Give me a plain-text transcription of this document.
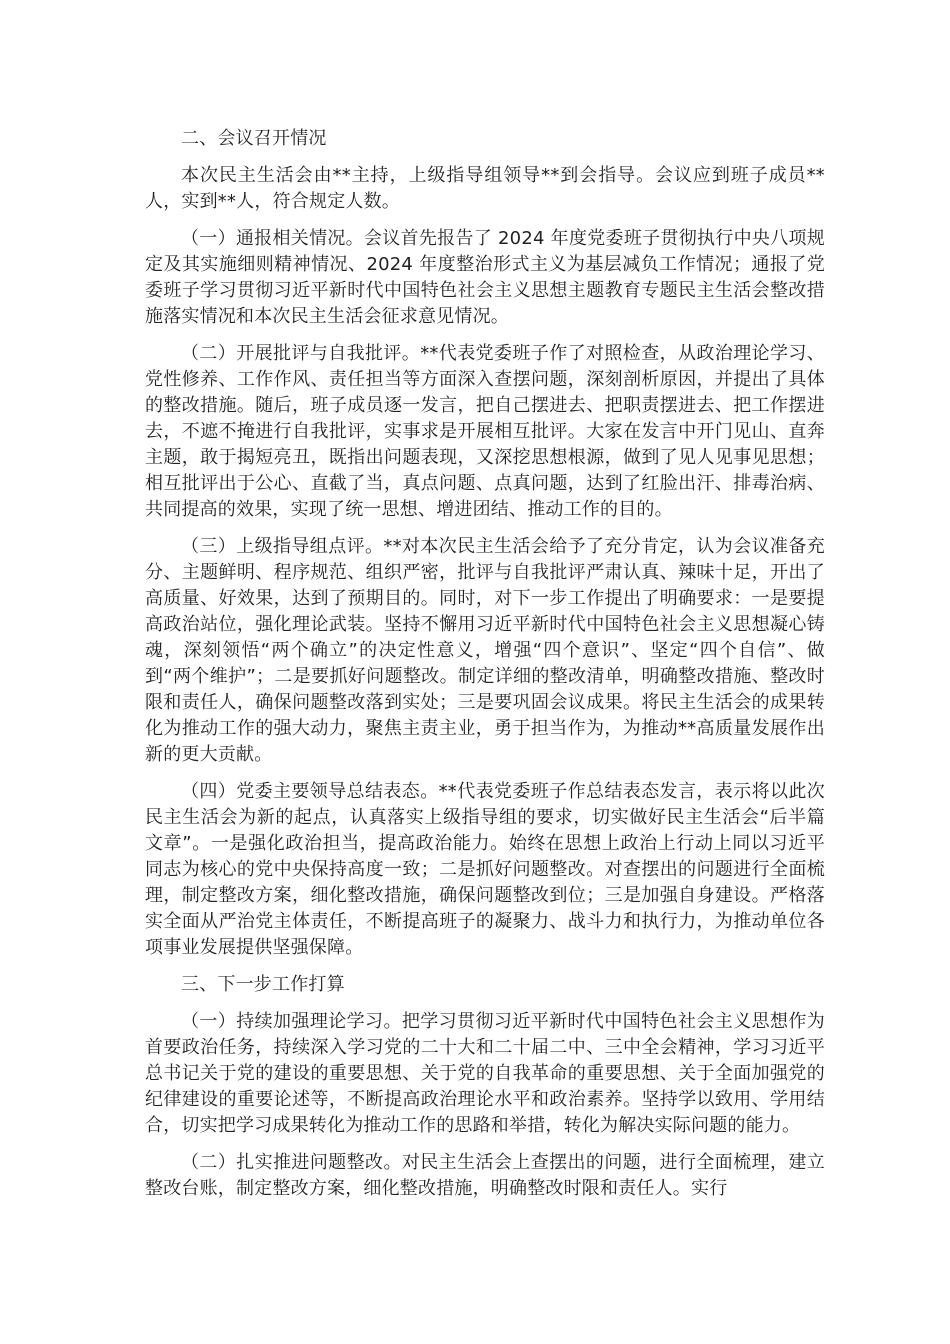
二、会议召开情况

本次民主生活会由**主持，上级指导组领导**到会指导。会议应到班子成员**人，实到**人，符合规定人数。

（一）通报相关情况。会议首先报告了 2024 年度党委班子贯彻执行中央八项规定及其实施细则精神情况、2024 年度整治形式主义为基层减负工作情况；通报了党委班子学习贯彻习近平新时代中国特色社会主义思想主题教育专题民主生活会整改措施落实情况和本次民主生活会征求意见情况。

（二）开展批评与自我批评。**代表党委班子作了对照检查，从政治理论学习、党性修养、工作作风、责任担当等方面深入查摆问题，深刻剖析原因，并提出了具体的整改措施。随后，班子成员逐一发言，把自己摆进去、把职责摆进去、把工作摆进去，不遮不掩进行自我批评，实事求是开展相互批评。大家在发言中开门见山、直奔主题，敢于揭短亮丑，既指出问题表现，又深挖思想根源，做到了见人见事见思想；相互批评出于公心、直截了当，真点问题、点真问题，达到了红脸出汗、排毒治病、共同提高的效果，实现了统一思想、增进团结、推动工作的目的。

（三）上级指导组点评。**对本次民主生活会给予了充分肯定，认为会议准备充分、主题鲜明、程序规范、组织严密，批评与自我批评严肃认真、辣味十足，开出了高质量、好效果，达到了预期目的。同时，对下一步工作提出了明确要求：一是要提高政治站位，强化理论武装。坚持不懈用习近平新时代中国特色社会主义思想凝心铸魂，深刻领悟“两个确立”的决定性意义，增强“四个意识”、坚定“四个自信”、做到“两个维护”；二是要抓好问题整改。制定详细的整改清单，明确整改措施、整改时限和责任人，确保问题整改落到实处；三是要巩固会议成果。将民主生活会的成果转化为推动工作的强大动力，聚焦主责主业，勇于担当作为，为推动**高质量发展作出新的更大贡献。

（四）党委主要领导总结表态。**代表党委班子作总结表态发言，表示将以此次民主生活会为新的起点，认真落实上级指导组的要求，切实做好民主生活会“后半篇文章”。一是强化政治担当，提高政治能力。始终在思想上政治上行动上同以习近平同志为核心的党中央保持高度一致；二是抓好问题整改。对查摆出的问题进行全面梳理，制定整改方案，细化整改措施，确保问题整改到位；三是加强自身建设。严格落实全面从严治党主体责任，不断提高班子的凝聚力、战斗力和执行力，为推动单位各项事业发展提供坚强保障。

三、下一步工作打算

（一）持续加强理论学习。把学习贯彻习近平新时代中国特色社会主义思想作为首要政治任务，持续深入学习党的二十大和二十届二中、三中全会精神，学习习近平总书记关于党的建设的重要思想、关于党的自我革命的重要思想、关于全面加强党的纪律建设的重要论述等，不断提高政治理论水平和政治素养。坚持学以致用、学用结合，切实把学习成果转化为推动工作的思路和举措，转化为解决实际问题的能力。

（二）扎实推进问题整改。对民主生活会上查摆出的问题，进行全面梳理，建立整改台账，制定整改方案，细化整改措施，明确整改时限和责任人。实行
